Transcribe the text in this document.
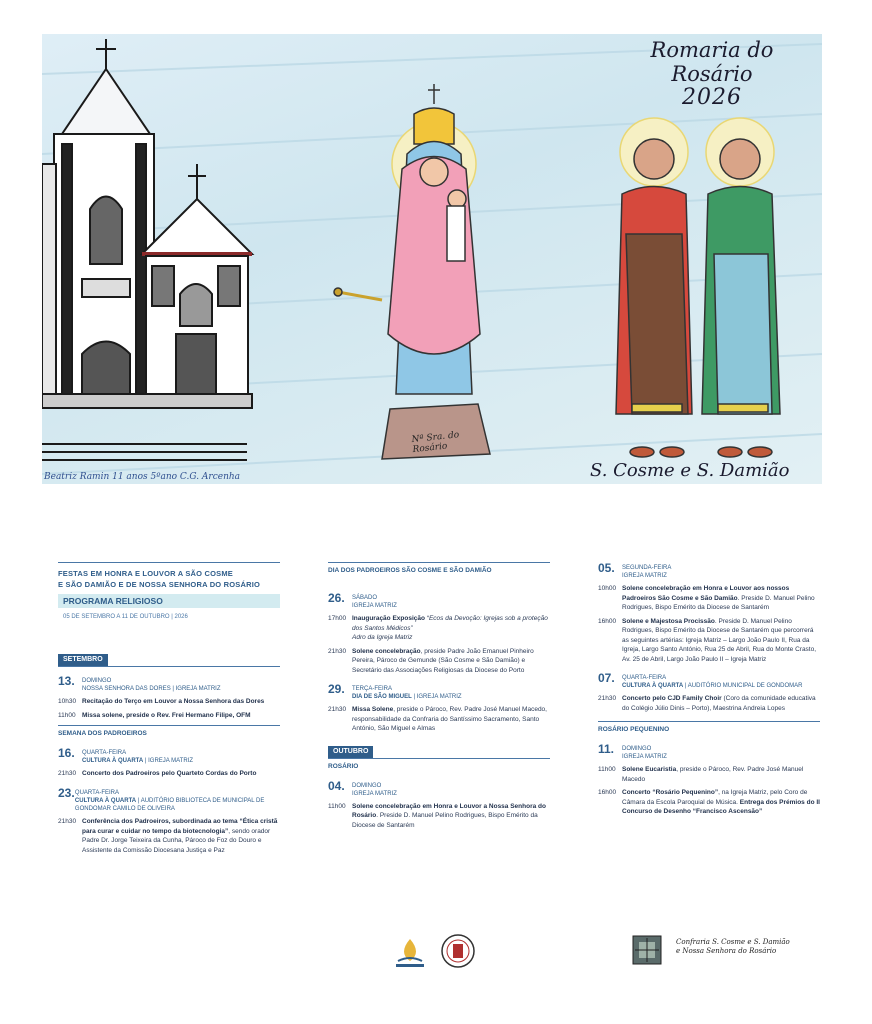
Romaria do
Rosário
2026
Nª Sra. do Rosário
S. Cosme e S. Damião
Beatriz Ramin 11 anos 5ºano C.G. Arcenha
FESTAS EM HONRA E LOUVOR A SÃO COSME
E SÃO DAMIÃO E DE NOSSA SENHORA DO ROSÁRIO
PROGRAMA RELIGIOSO
05 DE SETEMBRO A 11 DE OUTUBRO | 2026
SETEMBRO
13.	DOMINGO
NOSSA SENHORA DAS DORES | IGREJA MATRIZ
10h30 Recitação do Terço em Louvor a Nossa Senhora das Dores
11h00 Missa solene, preside o Rev. Frei Hermano Filipe, OFM
SEMANA DOS PADROEIROS
16.	QUARTA-FEIRA
CULTURA À QUARTA | IGREJA MATRIZ
21h30 Concerto dos Padroeiros pelo Quarteto Cordas do Porto
23. QUARTA-FEIRA
CULTURA À QUARTA | AUDITÓRIO BIBLIOTECA DE MUNICIPAL DE GONDOMAR CAMILO DE OLIVEIRA
21h30 Conferência dos Padroeiros, subordinada ao tema “Ética cristã para curar e cuidar no tempo da biotecnologia”, sendo orador Padre Dr. Jorge Teixeira da Cunha, Pároco de Foz do Douro e Assistente da Comissão Diocesana Justiça e Paz
DIA DOS PADROEIROS SÃO COSME E SÃO DAMIÃO
26.	SÁBADO
IGREJA MATRIZ
17h00 Inauguração Exposição “Ecos da Devoção: Igrejas sob a proteção dos Santos Médicos”
Adro da Igreja Matriz
21h30 Solene concelebração, preside Padre João Emanuel Pinheiro Pereira, Pároco de Gemunde (São Cosme e São Damião) e Secretário das Associações Religiosas da Diocese do Porto
29.	TERÇA-FEIRA
DIA DE SÃO MIGUEL | IGREJA MATRIZ
21h30 Missa Solene, preside o Pároco, Rev. Padre José Manuel Macedo, responsabilidade da Confraria do Santíssimo Sacramento, Santo António, São Miguel e Almas
OUTUBRO
ROSÁRIO
04.	DOMINGO
IGREJA MATRIZ
11h00 Solene concelebração em Honra e Louvor a Nossa Senhora do Rosário. Preside D. Manuel Pelino Rodrigues, Bispo Emérito da Diocese de Santarém
05.	SEGUNDA-FEIRA
IGREJA MATRIZ
10h00 Solene concelebração em Honra e Louvor aos nossos Padroeiros São Cosme e São Damião. Preside D. Manuel Pelino Rodrigues, Bispo Emérito da Diocese de Santarém
16h00 Solene e Majestosa Procissão. Preside D. Manuel Pelino Rodrigues, Bispo Emérito da Diocese de Santarém que percorrerá as seguintes artérias: Igreja Matriz – Largo João Paulo II, Rua da Igreja, Largo Santo António, Rua 25 de Abril, Rua do Monte Crasto, Av. 25 de Abril, Largo João Paulo II – Igreja Matriz
07.	QUARTA-FEIRA
CULTURA À QUARTA | AUDITÓRIO MUNICIPAL DE GONDOMAR
21h30 Concerto pelo CJD Family Choir (Coro da comunidade educativa do Colégio Júlio Dinis – Porto), Maestrina Andreia Lopes
ROSÁRIO PEQUENINO
11.	DOMINGO
IGREJA MATRIZ
11h00 Solene Eucaristia, preside o Pároco, Rev. Padre José Manuel Macedo
16h00 Concerto “Rosário Pequenino”, na Igreja Matriz, pelo Coro de Câmara da Escola Paroquial de Música. Entrega dos Prémios do II Concurso de Desenho “Francisco Ascensão”
Confraria S. Cosme e S. Damião
e Nossa Senhora do Rosário
